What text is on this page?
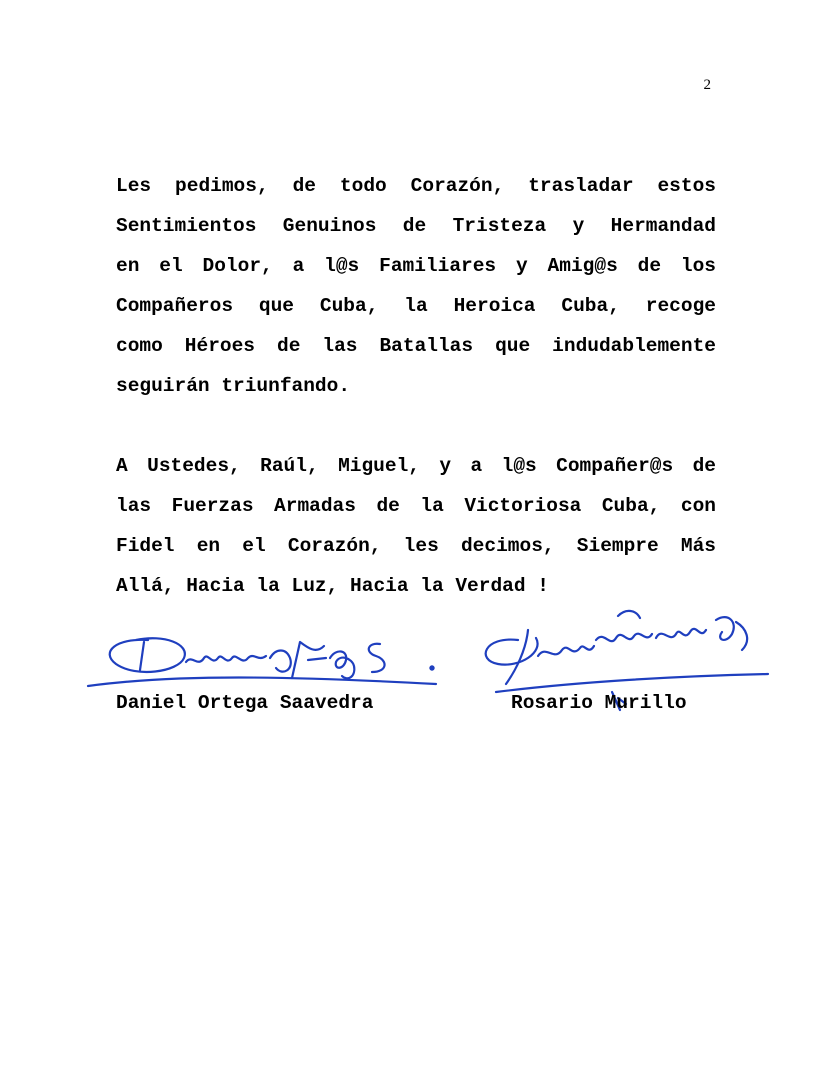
2
Les pedimos, de todo Corazón, trasladar estos
Sentimientos Genuinos de Tristeza y Hermandad
en el Dolor, a l@s Familiares y Amig@s de los
Compañeros que Cuba, la Heroica Cuba, recoge
como Héroes de las Batallas que indudablemente
seguirán triunfando.
A Ustedes, Raúl, Miguel, y a l@s Compañer@s de
las Fuerzas Armadas de la Victoriosa Cuba, con
Fidel en el Corazón, les decimos, Siempre Más
Allá, Hacia la Luz, Hacia la Verdad !
Daniel Ortega Saavedra	Rosario Murillo
